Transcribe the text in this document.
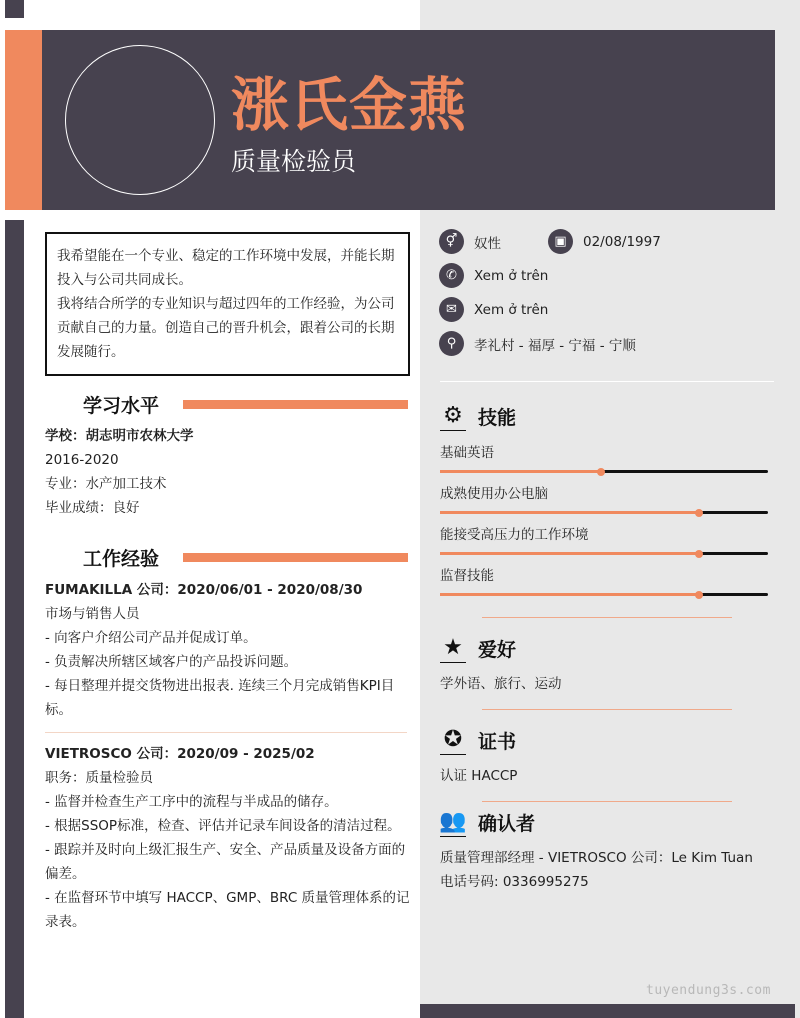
涨氏金燕
质量检验员

我希望能在一个专业、稳定的工作环境中发展，并能长期投入与公司共同成长。

我将结合所学的专业知识与超过四年的工作经验，为公司贡献自己的力量。创造自己的晋升机会，跟着公司的长期发展随行。

学习水平
学校：胡志明市农林大学
2016-2020
专业：水产加工技术
毕业成绩：良好
工作经验
FUMAKILLA 公司：2020/06/01 - 2020/08/30
市场与销售人员
- 向客户介绍公司产品并促成订单。
- 负责解决所辖区域客户的产品投诉问题。
- 每日整理并提交货物进出报表. 连续三个月完成销售KPI目标。
VIETROSCO 公司：2020/09 - 2025/02
职务：质量检验员
- 监督并检查生产工序中的流程与半成品的储存。
- 根据SSOP标准，检查、评估并记录车间设备的清洁过程。
- 跟踪并及时向上级汇报生产、安全、产品质量及设备方面的偏差。
- 在监督环节中填写 HACCP、GMP、BRC 质量管理体系的记录表。
⚥	奴性	▣	02/08/1997
✆	Xem ở trên
✉	Xem ở trên
⚲	孝礼村 - 福厚 - 宁福 - 宁顺
⚙ 技能
基础英语
成熟使用办公电脑
能接受高压力的工作环境
监督技能
★ 爱好
学外语、旅行、运动
✪ 证书
认证 HACCP
👥 确认者
质量管理部经理 - VIETROSCO 公司：Le Kim Tuan
电话号码: 0336995275
tuyendung3s.com
